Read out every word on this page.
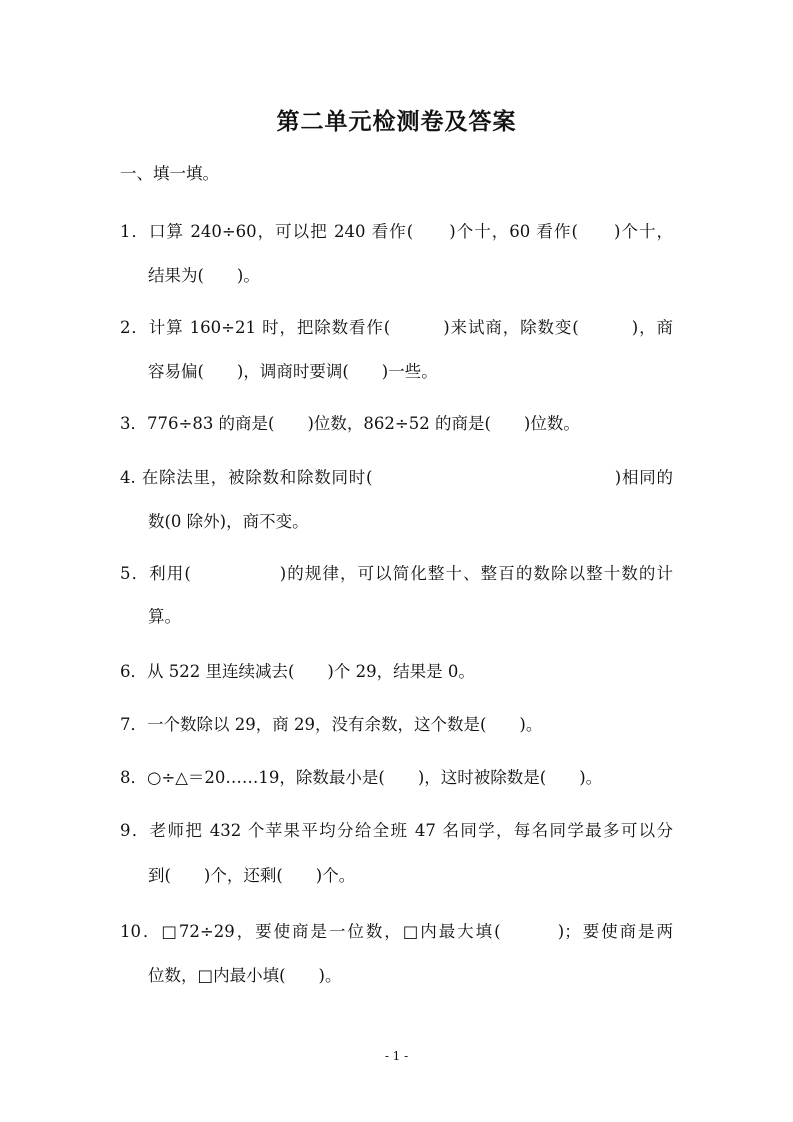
第二单元检测卷及答案
一、填一填。
1．口算 240÷60，可以把 240 看作(　　)个十，60 看作(　　)个十，
结果为(　　)。
2．计算 160÷21 时，把除数看作(　　　)来试商，除数变(　　　)，商
容易偏(　　)，调商时要调(　　)一些。
3．776÷83 的商是(　　)位数，862÷52 的商是(　　)位数。
4. 在除法里，被除数和除数同时(　　　　　　　　　　　　　　)相同的
数(0 除外)，商不变。
5．利用(　　　　　)的规律，可以简化整十、整百的数除以整十数的计
算。
6．从 522 里连续减去(　　)个 29，结果是 0。
7．一个数除以 29，商 29，没有余数，这个数是(　　)。
8．○÷△＝20……19，除数最小是(　　)，这时被除数是(　　)。
9．老师把 432 个苹果平均分给全班 47 名同学，每名同学最多可以分
到(　　)个，还剩(　　)个。
10．□72÷29，要使商是一位数，□内最大填(　　　)；要使商是两
位数，□内最小填(　　)。
- 1 -
